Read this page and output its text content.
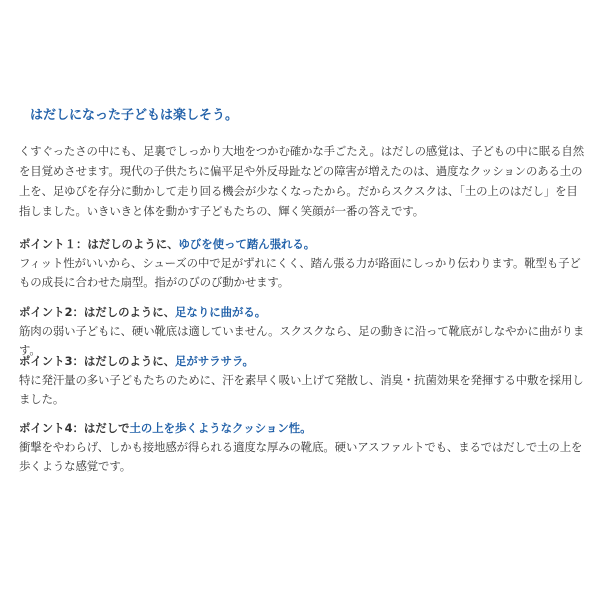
はだしになった子どもは楽しそう。

くすぐったさの中にも、足裏でしっかり大地をつかむ確かな手ごたえ。はだしの感覚は、子どもの中に眠る自然を目覚めさせます。現代の子供たちに偏平足や外反母趾などの障害が増えたのは、過度なクッションのある土の上を、足ゆびを存分に動かして走り回る機会が少なくなったから。だからスクスクは、「土の上のはだし」を目指しました。いきいきと体を動かす子どもたちの、輝く笑顔が一番の答えです。

ポイント１：はだしのように、ゆびを使って踏ん張れる。

フィット性がいいから、シューズの中で足がずれにくく、踏ん張る力が路面にしっかり伝わります。靴型も子どもの成長に合わせた扇型。指がのびのび動かせます。

ポイント2：はだしのように、足なりに曲がる。

筋肉の弱い子どもに、硬い靴底は適していません。スクスクなら、足の動きに沿って靴底がしなやかに曲がります。

ポイント3：はだしのように、足がサラサラ。

特に発汗量の多い子どもたちのために、汗を素早く吸い上げて発散し、消臭・抗菌効果を発揮する中敷を採用しました。

ポイント4：はだしで土の上を歩くようなクッション性。

衝撃をやわらげ、しかも接地感が得られる適度な厚みの靴底。硬いアスファルトでも、まるではだしで土の上を歩くような感覚です。
